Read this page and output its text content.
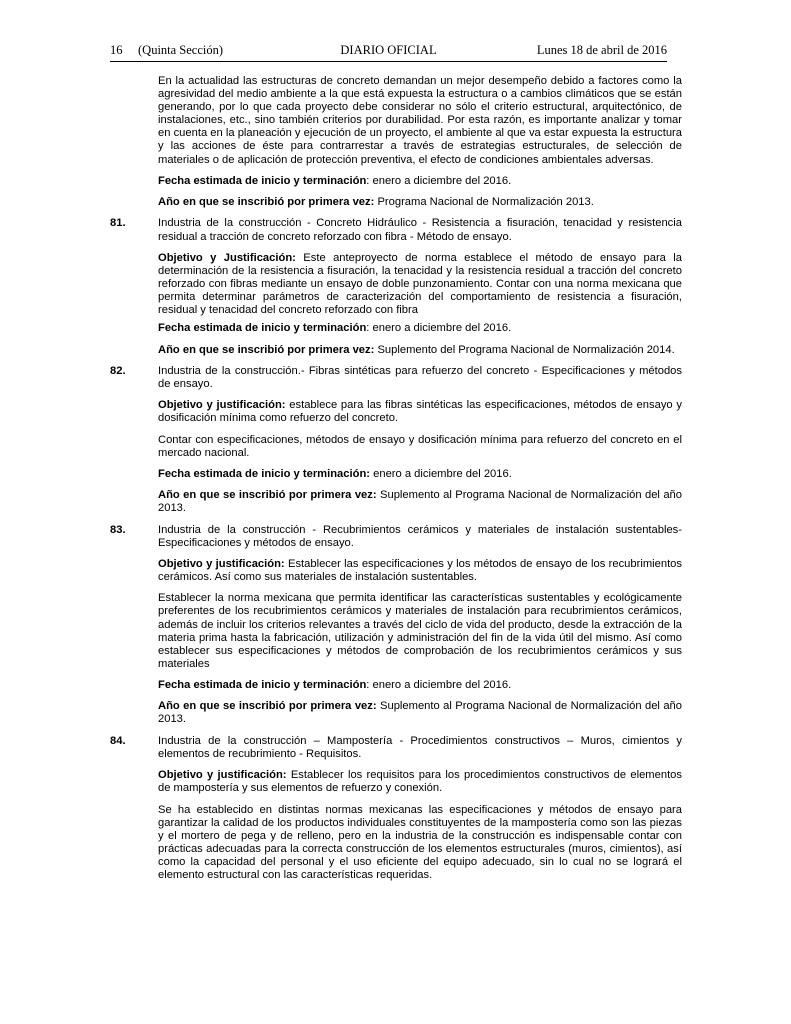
16 (Quinta Sección)	DIARIO OFICIAL	Lunes 18 de abril de 2016

En la actualidad las estructuras de concreto demandan un mejor desempeño debido a factores como la agresividad del medio ambiente a la que está expuesta la estructura o a cambios climáticos que se están generando, por lo que cada proyecto debe considerar no sólo el criterio estructural, arquitectónico, de instalaciones, etc., sino también criterios por durabilidad. Por esta razón, es importante analizar y tomar en cuenta en la planeación y ejecución de un proyecto, el ambiente al que va estar expuesta la estructura y las acciones de éste para contrarrestar a través de estrategias estructurales, de selección de materiales o de aplicación de protección preventiva, el efecto de condiciones ambientales adversas.

Fecha estimada de inicio y terminación: enero a diciembre del 2016.

Año en que se inscribió por primera vez: Programa Nacional de Normalización 2013.

81.	Industria de la construcción - Concreto Hidráulico - Resistencia a fisuración, tenacidad y resistencia residual a tracción de concreto reforzado con fibra - Método de ensayo.

Objetivo y Justificación: Este anteproyecto de norma establece el método de ensayo para la determinación de la resistencia a fisuración, la tenacidad y la resistencia residual a tracción del concreto reforzado con fibras mediante un ensayo de doble punzonamiento. Contar con una norma mexicana que permita determinar parámetros de caracterización del comportamiento de resistencia a fisuración, residual y tenacidad del concreto reforzado con fibra

Fecha estimada de inicio y terminación: enero a diciembre del 2016.

Año en que se inscribió por primera vez: Suplemento del Programa Nacional de Normalización 2014.

82.	Industria de la construcción.- Fibras sintéticas para refuerzo del concreto - Especificaciones y métodos de ensayo.

Objetivo y justificación: establece para las fibras sintéticas las especificaciones, métodos de ensayo y dosificación mínima como refuerzo del concreto.

Contar con especificaciones, métodos de ensayo y dosificación mínima para refuerzo del concreto en el mercado nacional.

Fecha estimada de inicio y terminación: enero a diciembre del 2016.

Año en que se inscribió por primera vez: Suplemento al Programa Nacional de Normalización del año 2013.

83.	Industria de la construcción - Recubrimientos cerámicos y materiales de instalación sustentables- Especificaciones y métodos de ensayo.

Objetivo y justificación: Establecer las especificaciones y los métodos de ensayo de los recubrimientos cerámicos. Así como sus materiales de instalación sustentables.

Establecer la norma mexicana que permita identificar las características sustentables y ecológicamente preferentes de los recubrimientos cerámicos y materiales de instalación para recubrimientos cerámicos, además de incluir los criterios relevantes a través del ciclo de vida del producto, desde la extracción de la materia prima hasta la fabricación, utilización y administración del fin de la vida útil del mismo. Así como establecer sus especificaciones y métodos de comprobación de los recubrimientos cerámicos y sus materiales

Fecha estimada de inicio y terminación: enero a diciembre del 2016.

Año en que se inscribió por primera vez: Suplemento al Programa Nacional de Normalización del año 2013.

84.	Industria de la construcción – Mampostería - Procedimientos constructivos – Muros, cimientos y elementos de recubrimiento - Requisitos.

Objetivo y justificación: Establecer los requisitos para los procedimientos constructivos de elementos de mampostería y sus elementos de refuerzo y conexión.

Se ha establecido en distintas normas mexicanas las especificaciones y métodos de ensayo para garantizar la calidad de los productos individuales constituyentes de la mampostería como son las piezas y el mortero de pega y de relleno, pero en la industria de la construcción es indispensable contar con prácticas adecuadas para la correcta construcción de los elementos estructurales (muros, cimientos), así como la capacidad del personal y el uso eficiente del equipo adecuado, sin lo cual no se logrará el elemento estructural con las características requeridas.
